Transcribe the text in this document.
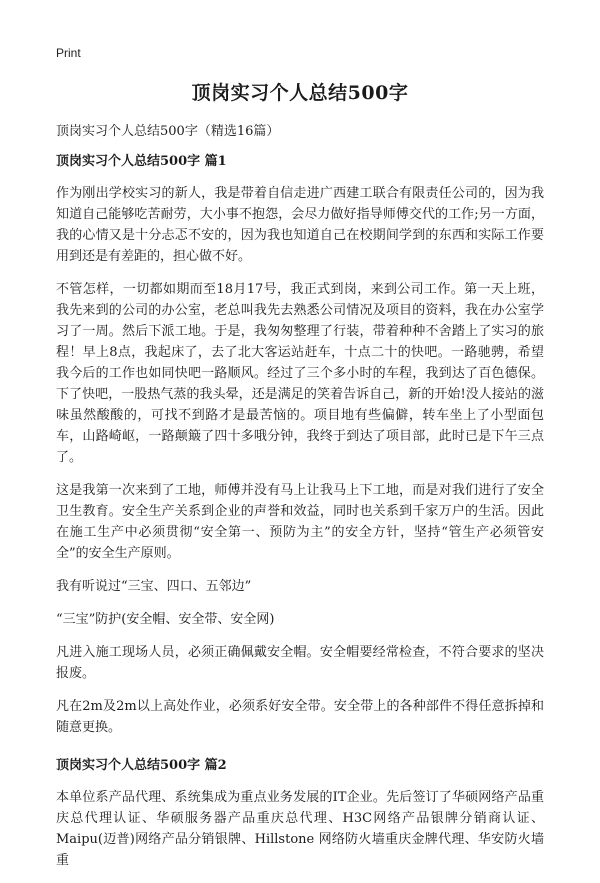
Print
顶岗实习个人总结500字
顶岗实习个人总结500字（精选16篇）
顶岗实习个人总结500字 篇1

作为刚出学校实习的新人，我是带着自信走进广西建工联合有限责任公司的，因为我知道自己能够吃苦耐劳，大小事不抱怨，会尽力做好指导师傅交代的工作;另一方面，我的心情又是十分忐忑不安的，因为我也知道自己在校期间学到的东西和实际工作要用到还是有差距的，担心做不好。

不管怎样，一切都如期而至18月17号，我正式到岗，来到公司工作。第一天上班，我先来到的公司的办公室，老总叫我先去熟悉公司情况及项目的资料，我在办公室学习了一周。然后下派工地。于是，我匆匆整理了行装，带着种种不舍踏上了实习的旅程！早上8点，我起床了，去了北大客运站赶车，十点二十的快吧。一路驰骋，希望我今后的工作也如同快吧一路顺风。经过了三个多小时的车程，我到达了百色德保。下了快吧，一股热气蒸的我头晕，还是满足的笑着告诉自己，新的开始!没人接站的滋味虽然酸酸的，可找不到路才是最苦恼的。项目地有些偏僻，转车坐上了小型面包车，山路崎岖，一路颠簸了四十多哦分钟，我终于到达了项目部，此时已是下午三点了。

这是我第一次来到了工地，师傅并没有马上让我马上下工地，而是对我们进行了安全卫生教育。安全生产关系到企业的声誉和效益，同时也关系到千家万户的生活。因此在施工生产中必须贯彻“安全第一、预防为主”的安全方针，坚持“管生产必须管安全”的安全生产原则。

我有听说过“三宝、四口、五邻边”

“三宝”防护(安全帽、安全带、安全网)

凡进入施工现场人员，必须正确佩戴安全帽。安全帽要经常检查，不符合要求的坚决报废。

凡在2m及2m以上高处作业，必须系好安全带。安全带上的各种部件不得任意拆掉和随意更换。

顶岗实习个人总结500字 篇2

本单位系产品代理、系统集成为重点业务发展的IT企业。先后签订了华硕网络产品重庆总代理认证、华硕服务器产品重庆总代理、H3C网络产品银牌分销商认证、Maipu(迈普)网络产品分销银牌、Hillstone 网络防火墙重庆金牌代理、华安防火墙重
